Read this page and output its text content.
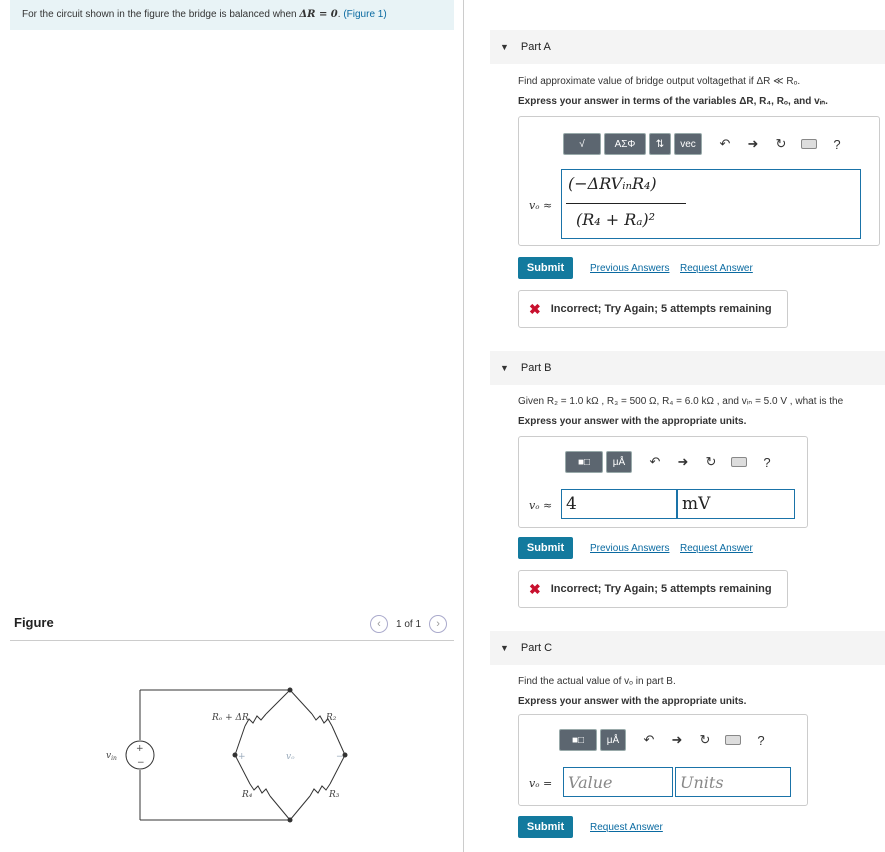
For the circuit shown in the figure the bridge is balanced when ΔR = 0. (Figure 1)
Figure	‹	1 of 1	›
+
−
$v_{in}$
Rₒ + ΔR	R₂
R₄	R₃
vₒ
+	−
▼ Part A
Find approximate value of bridge output voltagethat if ΔR ≪ Rₒ.
Express your answer in terms of the variables ΔR, R₄, Rₒ, and vᵢₙ.
√	ΑΣΦ ⇅ vec ↶ ➜ ↻	?
vₒ ≈
(−ΔRVᵢₙR₄)
(R₄ + Rₐ)²
Submit	Previous Answers Request Answer
✖ Incorrect; Try Again; 5 attempts remaining
▼ Part B
Given R₂ = 1.0 kΩ , R₃ = 500 Ω, R₄ = 6.0 kΩ , and vᵢₙ = 5.0 V , what is the
Express your answer with the appropriate units.
■□	μÅ ↶ ➜ ↻	?
vₒ ≈ 4	mV
Submit	Previous Answers Request Answer
✖ Incorrect; Try Again; 5 attempts remaining
▼ Part C
Find the actual value of vₒ in part B.
Express your answer with the appropriate units.
■□	μÅ ↶ ➜ ↻	?
vₒ = Value	Units
Submit	Request Answer
